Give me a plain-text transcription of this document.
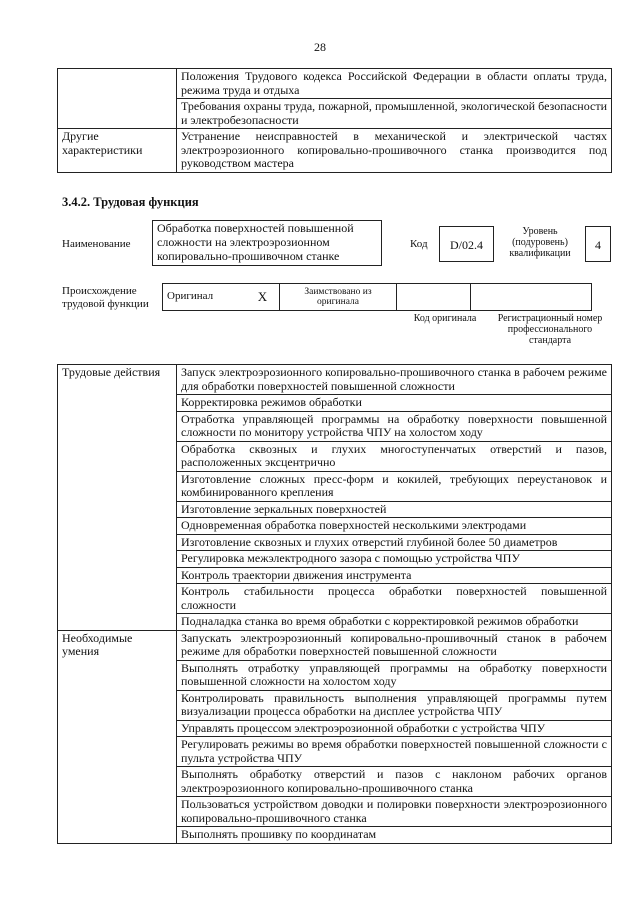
28
	Положения Трудового кодекса Российской Федерации в области оплаты труда, режима труда и отдыха
	Требования охраны труда, пожарной, промышленной, экологической безопасности и электробезопасности
Другие характеристики	Устранение неисправностей в механической и электрической частях электроэрозионного копировально-прошивочного станка производится под руководством мастера
3.4.2. Трудовая функция
Наименование
Обработка поверхностей повышенной сложности на электроэрозионном копировально-прошивочном станке
Код	D/02.4
Уровень (подуровень) квалификации
4
Происхождение трудовой функции
Оригинал	X	Заимствовано из оригинала		
Код оригинала	Регистрационный номер профессионального стандарта
Трудовые действия	Запуск электроэрозионного копировально-прошивочного станка в рабочем режиме для обработки поверхностей повышенной сложности
	Корректировка режимов обработки
	Отработка управляющей программы на обработку поверхности повышенной сложности по монитору устройства ЧПУ на холостом ходу
	Обработка сквозных и глухих многоступенчатых отверстий и пазов, расположенных эксцентрично
	Изготовление сложных пресс-форм и кокилей, требующих переустановок и комбинированного крепления
	Изготовление зеркальных поверхностей
	Одновременная обработка поверхностей несколькими электродами
	Изготовление сквозных и глухих отверстий глубиной более 50 диаметров
	Регулировка межэлектродного зазора с помощью устройства ЧПУ
	Контроль траектории движения инструмента
	Контроль стабильности процесса обработки поверхностей повышенной сложности
	Подналадка станка во время обработки с корректировкой режимов обработки
Необходимые умения	Запускать электроэрозионный копировально-прошивочный станок в рабочем режиме для обработки поверхностей повышенной сложности
	Выполнять отработку управляющей программы на обработку поверхности повышенной сложности на холостом ходу
	Контролировать правильность выполнения управляющей программы путем визуализации процесса обработки на дисплее устройства ЧПУ
	Управлять процессом электроэрозионной обработки с устройства ЧПУ
	Регулировать режимы во время обработки поверхностей повышенной сложности с пульта устройства ЧПУ
	Выполнять обработку отверстий и пазов с наклоном рабочих органов электроэрозионного копировально-прошивочного станка
	Пользоваться устройством доводки и полировки поверхности электроэрозионного копировально-прошивочного станка
	Выполнять прошивку по координатам
